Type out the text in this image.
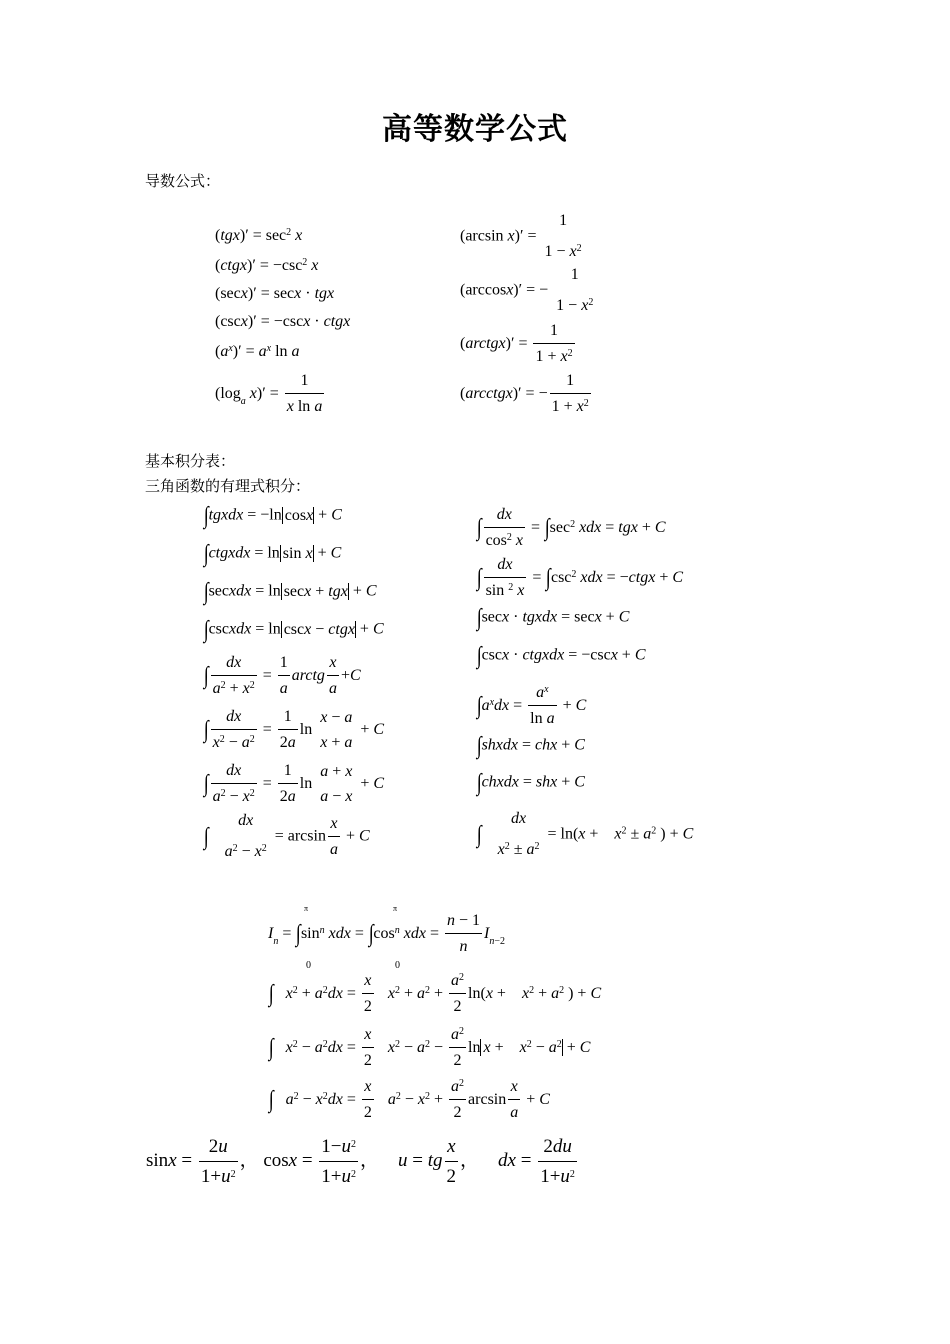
高等数学公式
导数公式：
基本积分表：
三角函数的有理式积分：
$(tgx)' = \sec^2 x$
(ctgx)′ = $-\csc^2$ x
(secx)′ = secx · tgx
(cscx)′ = −cscx · ctgx
$(a^x)' = a^x$ ln a
($\log_a$ $x)' = \frac{1}{\text{x ln a}}$
(arcsin x)′ =
1
$1 - x^2$
(arccosx)′ = −
1
$1 - x^2$
(arctgx)′ = $\frac{1}{1 + x^2}$
(arcctgx)′ = − $\frac{1}{1 + x^2}$
∫tgxdx = −ln cosx + C
∫ctgxdx = ln sin x + C
∫secxdx = ln secx + tgx + C
∫cscxdx = ln cscx − ctgx + C
∫ $\frac{dx}{a^2 + x^2} = \frac{1}{a}$ arctg $\frac{x}{a} +C$
∫ $\frac{dx}{x^2 - a^2} = \frac{1}{2a}$ ln
x − a
x + a
+ C
∫ $\frac{dx}{a^2 - x^2} = \frac{1}{2a}$ ln
a + x
a − x
+ C
∫
dx
$a^2 - x^2$
= $\arcsin \frac{x}{a} + C$
∫ $\frac{dx}{\cos^2 x} = \int\sec^2$ xdx = tgx + C
∫ $\frac{dx}{\sin ^2 x} = \int\csc^2$ xdx = −ctgx + C
∫secx · tgxdx = secx + C
∫cscx · ctgxdx = −cscx + C
$\int a^xdx = \frac{a^x}{\text{ln a}} + C$
∫shxdx = chx + C
∫chxdx = shx + C
∫
dx
$x^2 \pm a^2$
= ln(x +    $x^2 \pm a^2$ ) + C
$I_n = \int\sin^n$ xdx = $\int\cos^n$ xdx = $\frac{n - 1}{n} I_{n-2}$
π	π
0	0
∫ $x^2 + a^2dx = \frac{x}{2} x^2 + a^2 + \frac{a^2}{2} \ln(x$ +    $x^2 + a^2$ ) + C
∫ $x^2 - a^2dx = \frac{x}{2} x^2 - a^2 - \frac{a^2}{2}$ ln x +    $x^2 - a^2 + C$
∫ $a^2 - x^2dx = \frac{x}{2} a^2 - x^2 + \frac{a^2}{2}$ $\arcsin \frac{x}{a} + C$
$\sin x = \frac{2u}{1+u^2}$ ， $\cos x = \frac{1-u^2}{1+u^2}$ ，    u = tg $\frac{x}{2}$ ，    dx = $\frac{2du}{1+u^2}$
